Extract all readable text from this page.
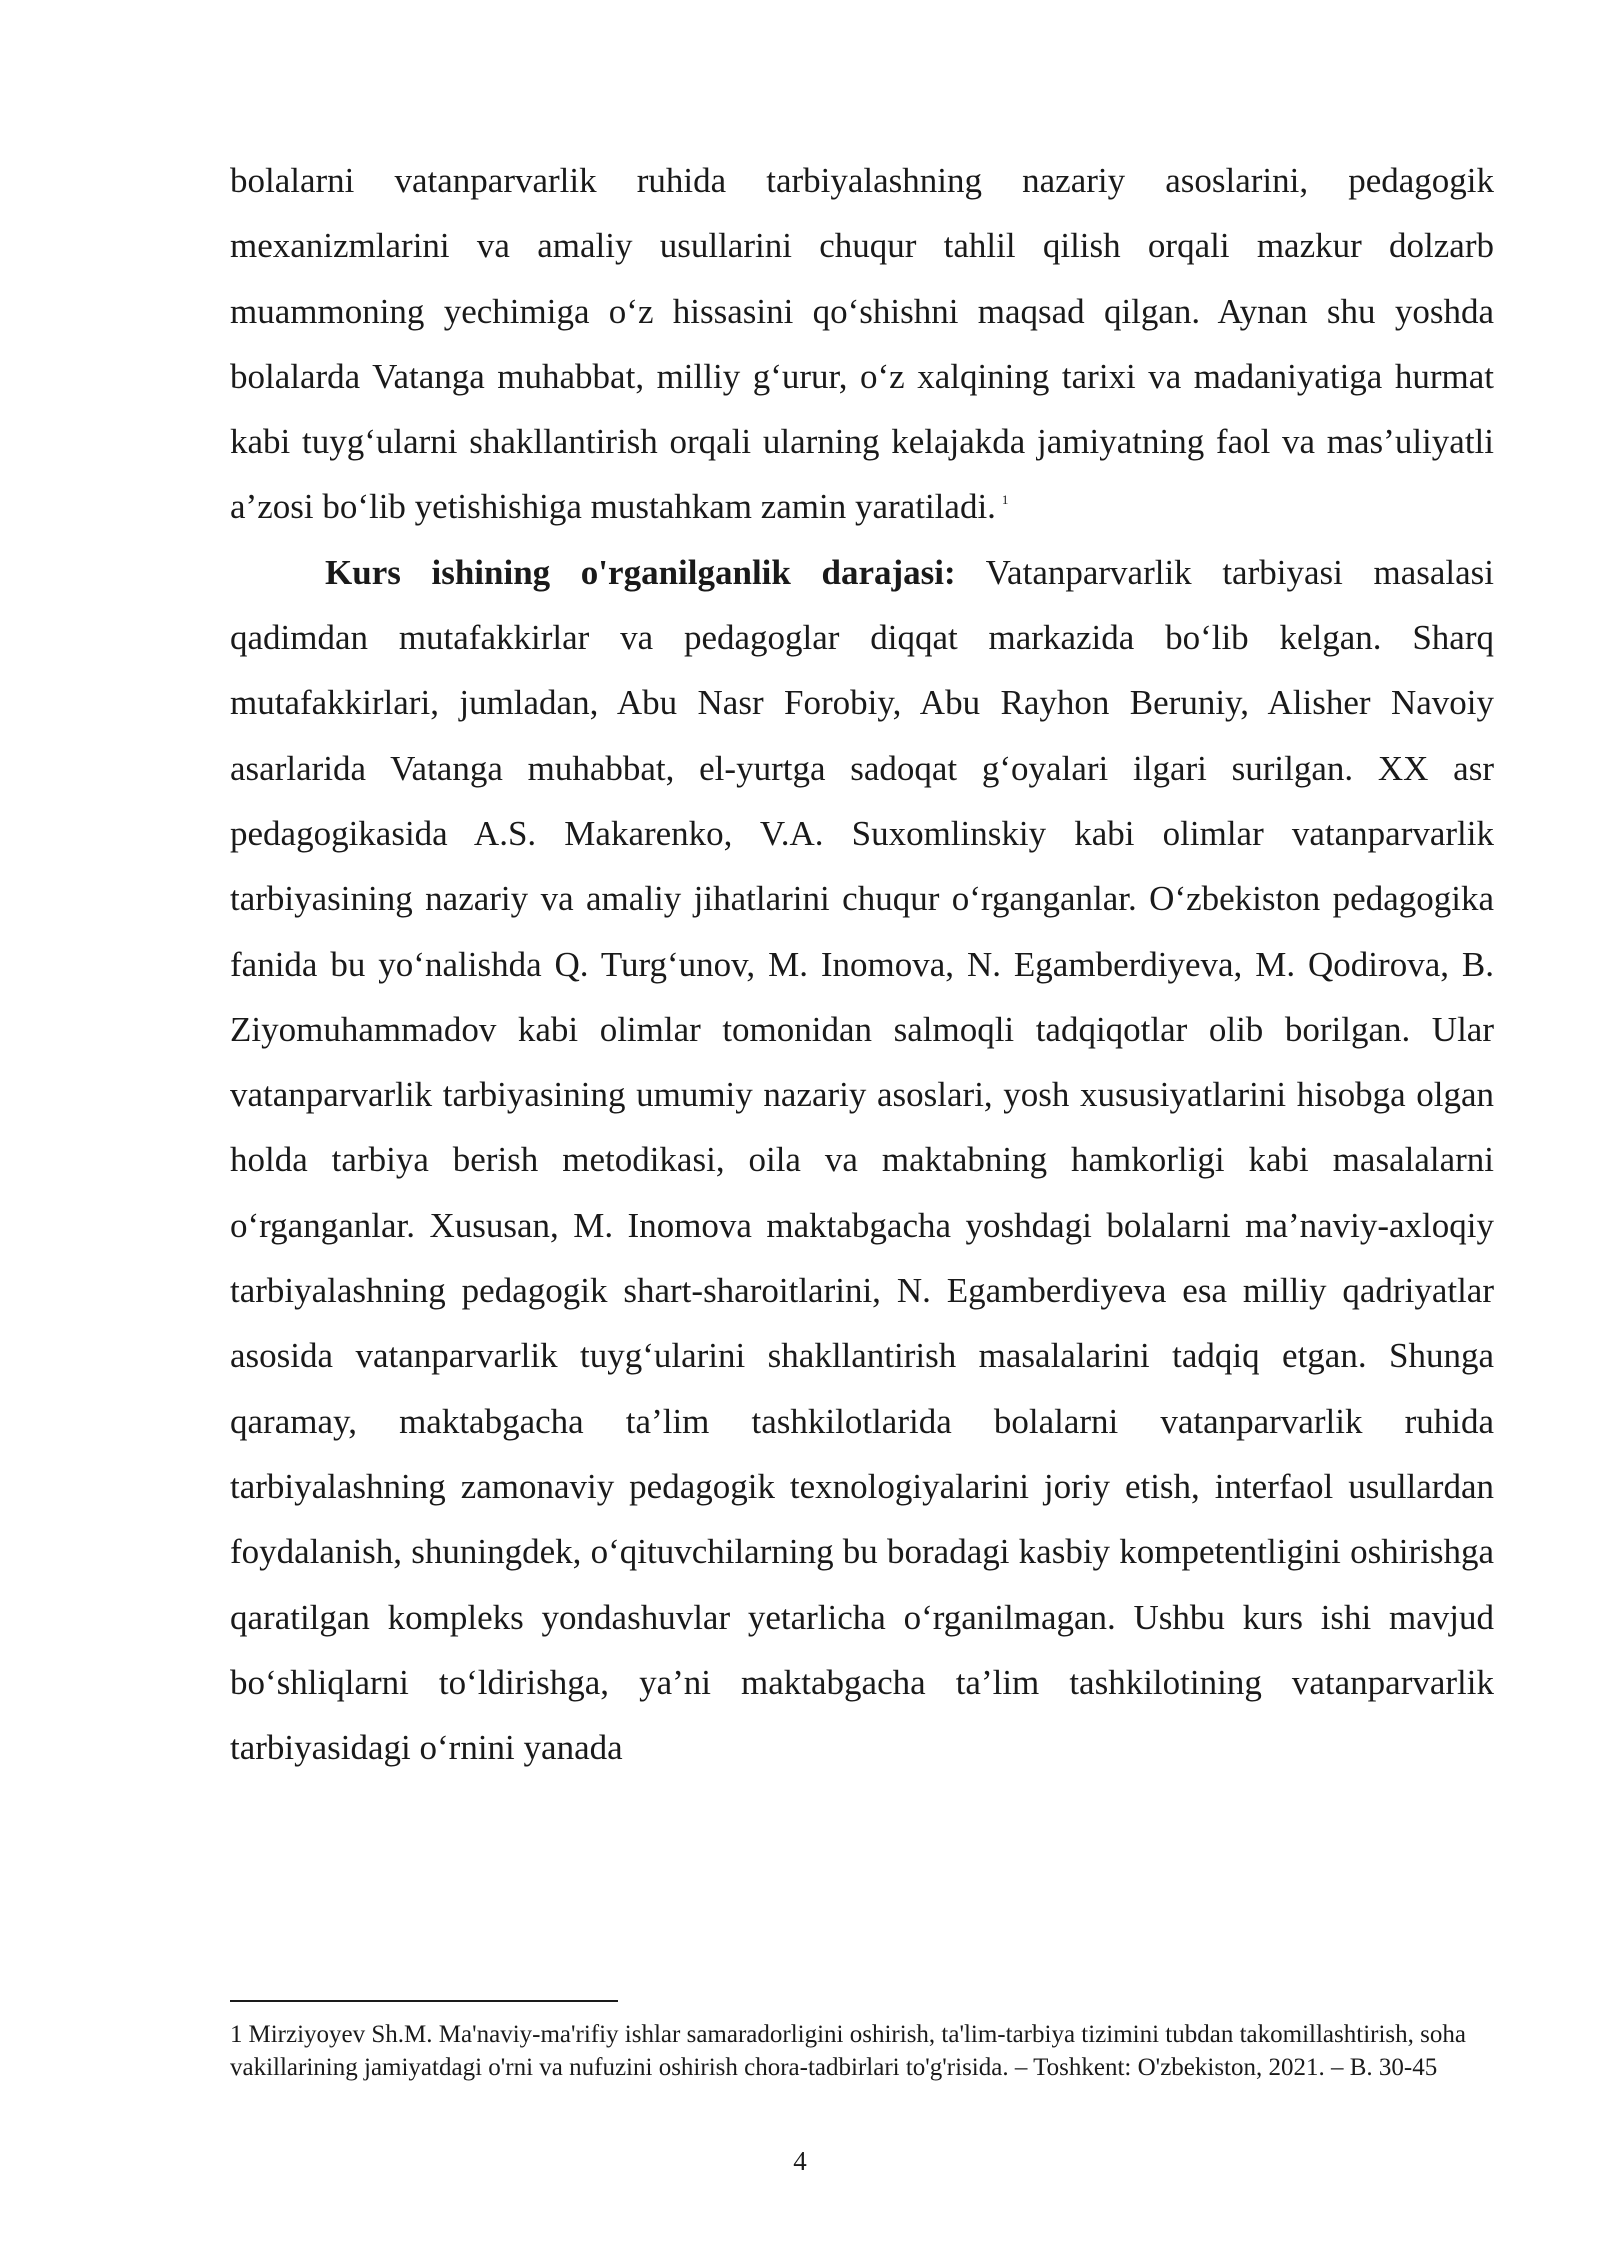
bolalarni vatanparvarlik ruhida tarbiyalashning nazariy asoslarini, pedagogik mexanizmlarini va amaliy usullarini chuqur tahlil qilish orqali mazkur dolzarb muammoning yechimiga o‘z hissasini qo‘shishni maqsad qilgan. Aynan shu yoshda bolalarda Vatanga muhabbat, milliy g‘urur, o‘z xalqining tarixi va madaniyatiga hurmat kabi tuyg‘ularni shakllantirish orqali ularning kelajakda jamiyatning faol va mas’uliyatli a’zosi bo‘lib yetishishiga mustahkam zamin yaratiladi. $^1$

Kurs ishining o'rganilganlik darajasi: Vatanparvarlik tarbiyasi masalasi qadimdan mutafakkirlar va pedagoglar diqqat markazida bo‘lib kelgan. Sharq mutafakkirlari, jumladan, Abu Nasr Forobiy, Abu Rayhon Beruniy, Alisher Navoiy asarlarida Vatanga muhabbat, el-yurtga sadoqat g‘oyalari ilgari surilgan. XX asr pedagogikasida A.S. Makarenko, V.A. Suxomlinskiy kabi olimlar vatanparvarlik tarbiyasining nazariy va amaliy jihatlarini chuqur o‘rganganlar. O‘zbekiston pedagogika fanida bu yo‘nalishda Q. Turg‘unov, M. Inomova, N. Egamberdiyeva, M. Qodirova, B. Ziyomuhammadov kabi olimlar tomonidan salmoqli tadqiqotlar olib borilgan. Ular vatanparvarlik tarbiyasining umumiy nazariy asoslari, yosh xususiyatlarini hisobga olgan holda tarbiya berish metodikasi, oila va maktabning hamkorligi kabi masalalarni o‘rganganlar. Xususan, M. Inomova maktabgacha yoshdagi bolalarni ma’naviy-axloqiy tarbiyalashning pedagogik shart-sharoitlarini, N. Egamberdiyeva esa milliy qadriyatlar asosida vatanparvarlik tuyg‘ularini shakllantirish masalalarini tadqiq etgan. Shunga qaramay, maktabgacha ta’lim tashkilotlarida bolalarni vatanparvarlik ruhida tarbiyalashning zamonaviy pedagogik texnologiyalarini joriy etish, interfaol usullardan foydalanish, shuningdek, o‘qituvchilarning bu boradagi kasbiy kompetentligini oshirishga qaratilgan kompleks yondashuvlar yetarlicha o‘rganilmagan. Ushbu kurs ishi mavjud bo‘shliqlarni to‘ldirishga, ya’ni maktabgacha ta’lim tashkilotining vatanparvarlik tarbiyasidagi o‘rnini yanada

1 Mirziyoyev Sh.M. Ma'naviy-ma'rifiy ishlar samaradorligini oshirish, ta'lim-tarbiya tizimini tubdan takomillashtirish, soha vakillarining jamiyatdagi o'rni va nufuzini oshirish chora-tadbirlari to'g'risida. – Toshkent: O'zbekiston, 2021. – B. 30-45
4
